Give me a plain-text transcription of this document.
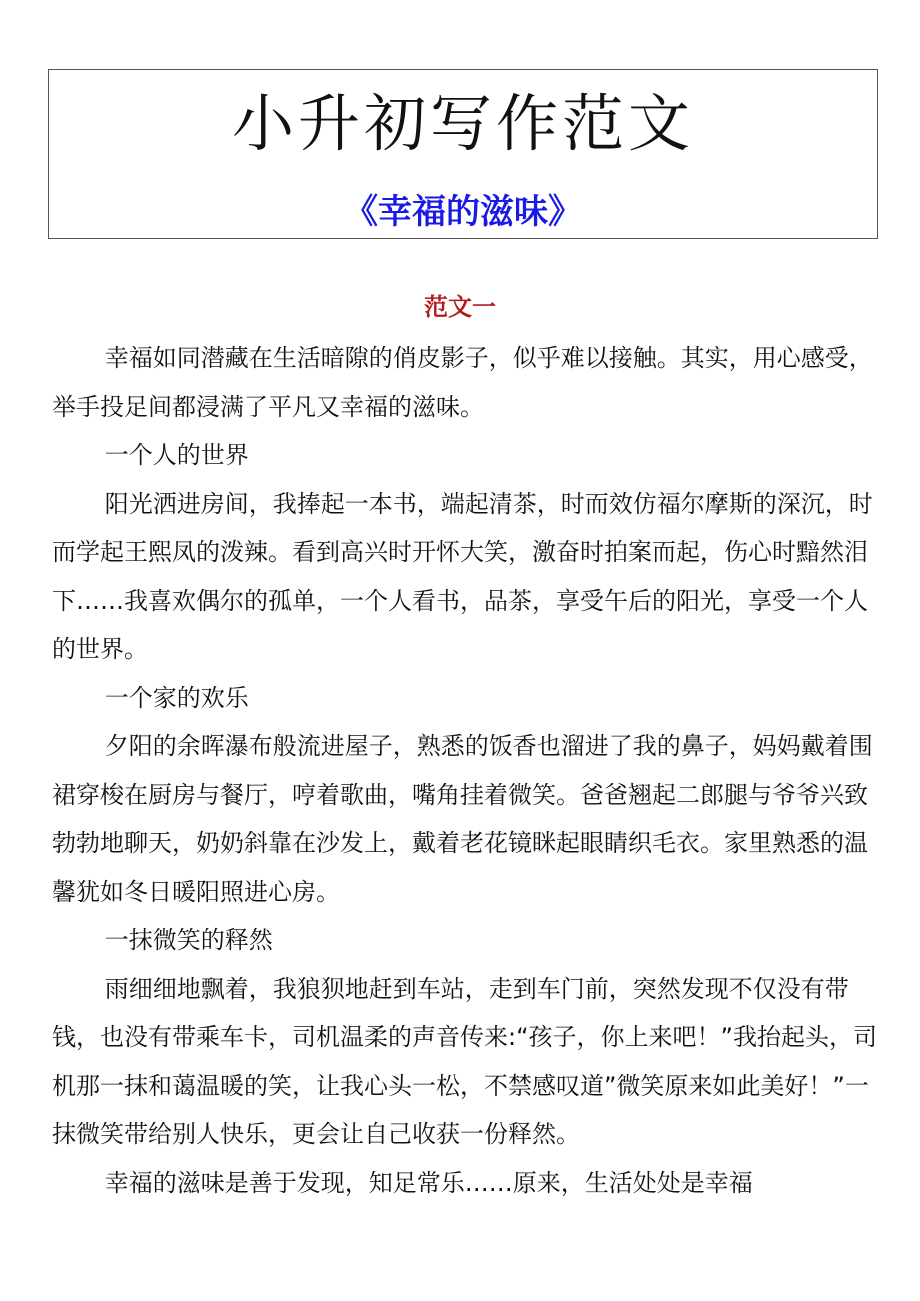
小升初写作范文
《幸福的滋味》
范文一

幸福如同潜藏在生活暗隙的俏皮影子，似乎难以接触。其实，用心感受，举手投足间都浸满了平凡又幸福的滋味。

一个人的世界

阳光洒进房间，我捧起一本书，端起清茶，时而效仿福尔摩斯的深沉，时而学起王熙凤的泼辣。看到高兴时开怀大笑，激奋时拍案而起，伤心时黯然泪下……我喜欢偶尔的孤单，一个人看书，品茶，享受午后的阳光，享受一个人的世界。

一个家的欢乐

夕阳的余晖瀑布般流进屋子，熟悉的饭香也溜进了我的鼻子，妈妈戴着围裙穿梭在厨房与餐厅，哼着歌曲，嘴角挂着微笑。爸爸翘起二郎腿与爷爷兴致勃勃地聊天，奶奶斜靠在沙发上，戴着老花镜眯起眼睛织毛衣。家里熟悉的温馨犹如冬日暖阳照进心房。

一抹微笑的释然

雨细细地飘着，我狼狈地赶到车站，走到车门前，突然发现不仅没有带钱，也没有带乘车卡，司机温柔的声音传来:“孩子，你上来吧！”我抬起头，司机那一抹和蔼温暖的笑，让我心头一松，不禁感叹道”微笑原来如此美好！”一抹微笑带给别人快乐，更会让自己收获一份释然。

幸福的滋味是善于发现，知足常乐……原来，生活处处是幸福
